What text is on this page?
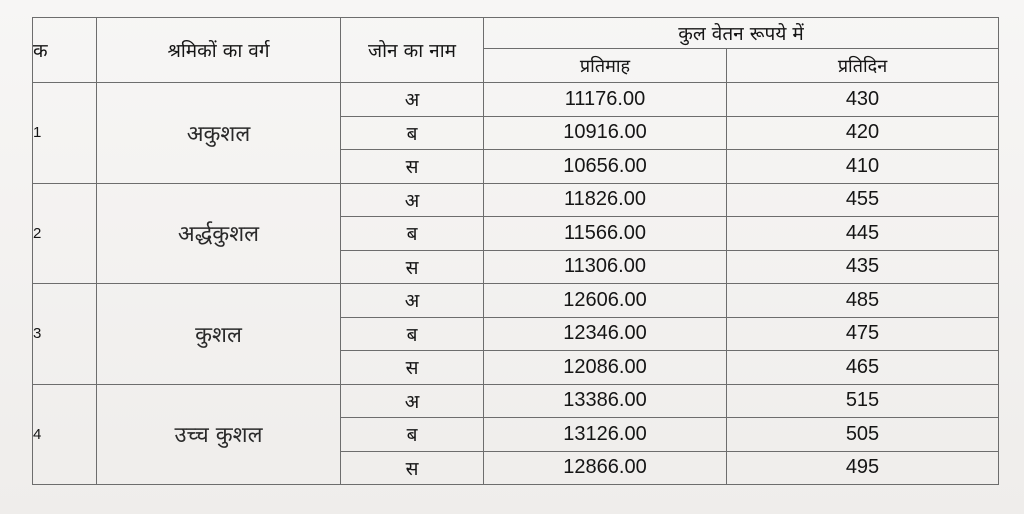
क	श्रमिकों का वर्ग	जोन का नाम	कुल वेतन रूपये में	
			प्रतिमाह	प्रतिदिन
1	अकुशल	अ	11176.00	430
		ब	10916.00	420
		स	10656.00	410
2	अर्द्धकुशल	अ	11826.00	455
		ब	11566.00	445
		स	11306.00	435
3	कुशल	अ	12606.00	485
		ब	12346.00	475
		स	12086.00	465
4	उच्च कुशल	अ	13386.00	515
		ब	13126.00	505
		स	12866.00	495
